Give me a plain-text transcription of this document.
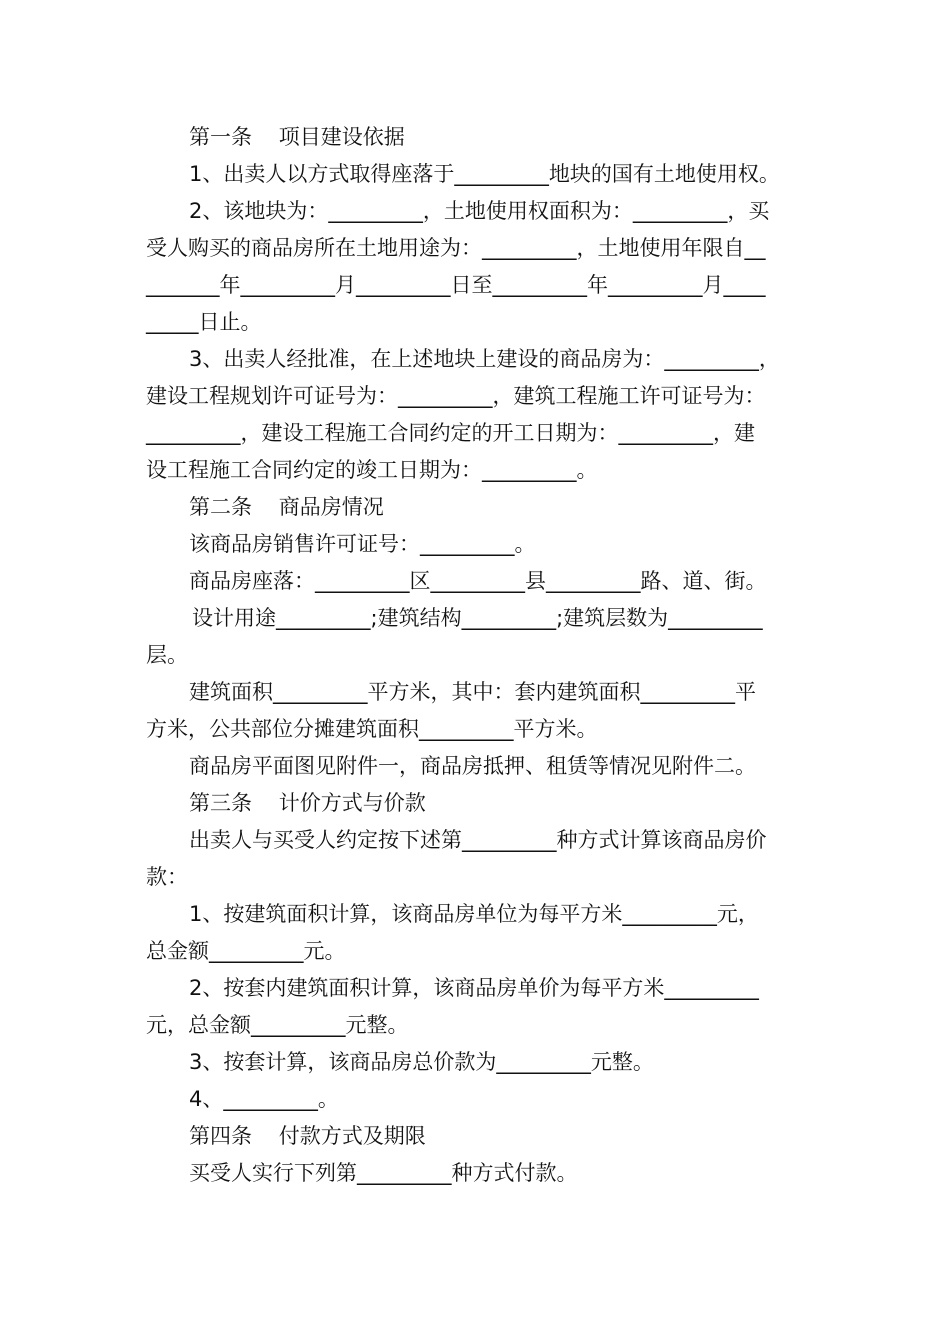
第一条    项目建设依据
1、出卖人以方式取得座落于_________地块的国有土地使用权。
2、该地块为：_________，土地使用权面积为：_________，买
受人购买的商品房所在土地用途为：_________，土地使用年限自__
_______年_________月_________日至_________年_________月____
_____日止。
3、出卖人经批准，在上述地块上建设的商品房为：_________，
建设工程规划许可证号为：_________，建筑工程施工许可证号为：
_________，建设工程施工合同约定的开工日期为：_________，建
设工程施工合同约定的竣工日期为：_________。
第二条    商品房情况
该商品房销售许可证号：_________。
商品房座落：_________区_________县_________路、道、街。
设计用途_________;建筑结构_________;建筑层数为_________
层。
建筑面积_________平方米，其中：套内建筑面积_________平
方米，公共部位分摊建筑面积_________平方米。
商品房平面图见附件一，商品房抵押、租赁等情况见附件二。
第三条    计价方式与价款
出卖人与买受人约定按下述第_________种方式计算该商品房价
款：
1、按建筑面积计算，该商品房单位为每平方米_________元，
总金额_________元。
2、按套内建筑面积计算，该商品房单价为每平方米_________
元，总金额_________元整。
3、按套计算，该商品房总价款为_________元整。
4、_________。
第四条    付款方式及期限
买受人实行下列第_________种方式付款。
